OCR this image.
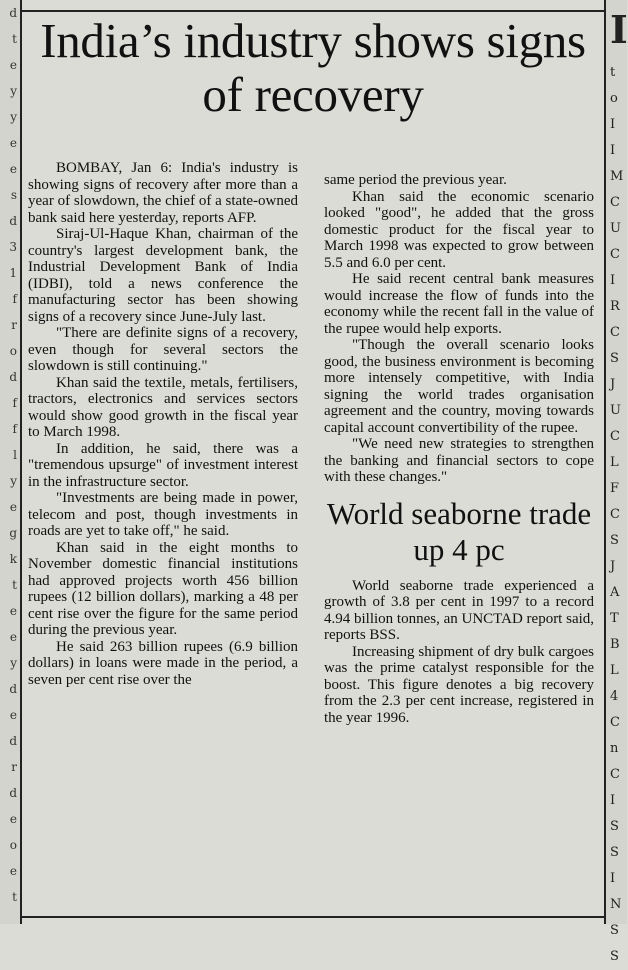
d
t
e
y
y
e
e
s
d
3
1
f
r
o
d
f
f
l
y
e
g
k
t
e
e
y
d
e
d
r
d
e
o
e
t
I
t
o
I
I
M
C
U
C
I
R
C
S
J
U
C
L
F
C
S
J
A
T
B
L
4
C
n
C
I
S
S
I
N
S
S
India’s industry shows signs of recovery

BOMBAY, Jan 6: India's industry is showing signs of recovery after more than a year of slowdown, the chief of a state-owned bank said here yesterday, reports AFP.

Siraj-Ul-Haque Khan, chairman of the country's largest development bank, the Industrial Development Bank of India (IDBI), told a news conference the manufacturing sector has been showing signs of a recovery since June-July last.

"There are definite signs of a recovery, even though for several sectors the slowdown is still continuing."

Khan said the textile, metals, fertilisers, tractors, electronics and services sectors would show good growth in the fiscal year to March 1998.

In addition, he said, there was a "tremendous upsurge" of investment interest in the infrastructure sector.

"Investments are being made in power, telecom and post, though investments in roads are yet to take off," he said.

Khan said in the eight months to November domestic financial institutions had approved projects worth 456 billion rupees (12 billion dollars), marking a 48 per cent rise over the figure for the same period during the previous year.

He said 263 billion rupees (6.9 billion dollars) in loans were made in the period, a seven per cent rise over the

same period the previous year.

Khan said the economic scenario looked "good", he added that the gross domestic product for the fiscal year to March 1998 was expected to grow between 5.5 and 6.0 per cent.

He said recent central bank measures would increase the flow of funds into the economy while the recent fall in the value of the rupee would help exports.

"Though the overall scenario looks good, the business environment is becoming more intensely competitive, with India signing the world trades organisation agreement and the country, moving towards capital account convertibility of the rupee.

"We need new strategies to strengthen the banking and financial sectors to cope with these changes."

World seaborne trade up 4 pc

World seaborne trade experienced a growth of 3.8 per cent in 1997 to a record 4.94 billion tonnes, an UNCTAD report said, reports BSS.

Increasing shipment of dry bulk cargoes was the prime catalyst responsible for the boost. This figure denotes a big recovery from the 2.3 per cent increase, registered in the year 1996.
